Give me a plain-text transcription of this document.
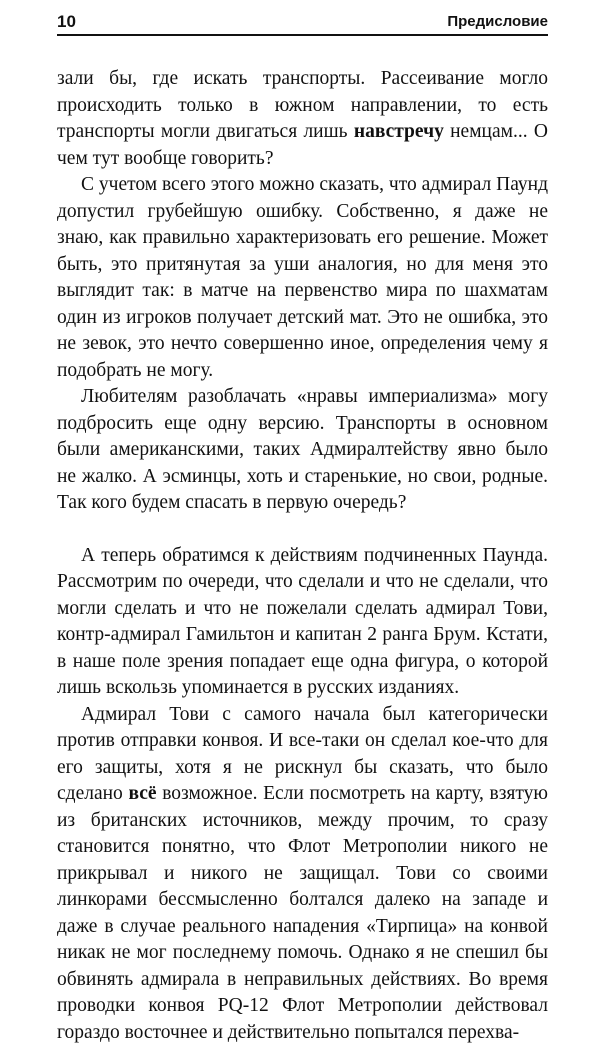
10	Предисловие

зали бы, где искать транспорты. Рассеивание могло происходить только в южном направлении, то есть транспорты могли двигаться лишь навстречу немцам... О чем тут вообще говорить?

С учетом всего этого можно сказать, что адмирал Паунд допустил грубейшую ошибку. Собственно, я даже не знаю, как правильно характеризовать его решение. Может быть, это притянутая за уши аналогия, но для меня это выглядит так: в матче на первенство мира по шахматам один из игроков получает детский мат. Это не ошибка, это не зевок, это нечто совершенно иное, определения чему я подобрать не могу.

Любителям разоблачать «нравы империализма» могу подбросить еще одну версию. Транспорты в основном были американскими, таких Адмиралтейству явно было не жалко. А эсминцы, хоть и старенькие, но свои, родные. Так кого будем спасать в первую очередь?

А теперь обратимся к действиям подчиненных Паунда. Рассмотрим по очереди, что сделали и что не сделали, что могли сделать и что не пожелали сделать адмирал Тови, контр-адмирал Гамильтон и капитан 2 ранга Брум. Кстати, в наше поле зрения попадает еще одна фигура, о которой лишь вскользь упоминается в русских изданиях.

Адмирал Тови с самого начала был категорически против отправки конвоя. И все-таки он сделал кое-что для его защиты, хотя я не рискнул бы сказать, что было сделано всё возможное. Если посмотреть на карту, взятую из британских источников, между прочим, то сразу становится понятно, что Флот Метрополии никого не прикрывал и никого не защищал. Тови со своими линкорами бессмысленно болтался далеко на западе и даже в случае реального нападения «Тирпица» на конвой никак не мог последнему помочь. Однако я не спешил бы обвинять адмирала в неправильных действиях. Во время проводки конвоя PQ-12 Флот Метрополии действовал гораздо восточнее и действительно попытался перехва-
